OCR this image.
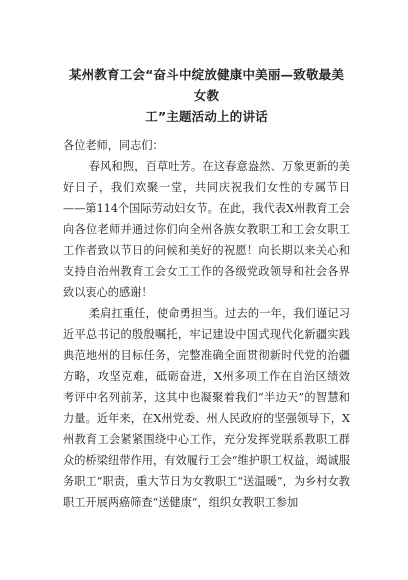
某州教育工会“奋斗中绽放健康中美丽—致敬最美女教
工”主题活动上的讲话

各位老师，同志们：

春风和煦，百草吐芳。在这春意盎然、万象更新的美好日子，我们欢聚一堂，共同庆祝我们女性的专属节日——第114个国际劳动妇女节。在此，我代表X州教育工会向各位老师并通过你们向全州各族女教职工和工会女职工工作者致以节日的问候和美好的祝愿！向长期以来关心和支持自治州教育工会女工工作的各级党政领导和社会各界致以衷心的感谢！

柔肩扛重任，使命勇担当。过去的一年，我们谨记习近平总书记的殷殷嘱托，牢记建设中国式现代化新疆实践典范地州的目标任务，完整准确全面贯彻新时代党的治疆方略，攻坚克难，砥砺奋进，X州多项工作在自治区绩效考评中名列前茅，这其中也凝聚着我们“半边天”的智慧和力量。近年来，在X州党委、州人民政府的坚强领导下，X州教育工会紧紧围绕中心工作，充分发挥党联系教职工群众的桥梁纽带作用，有效履行工会“维护职工权益，竭诚服务职工”职责，重大节日为女教职工“送温暖”，为乡村女教职工开展两癌筛查“送健康”，组织女教职工参加
